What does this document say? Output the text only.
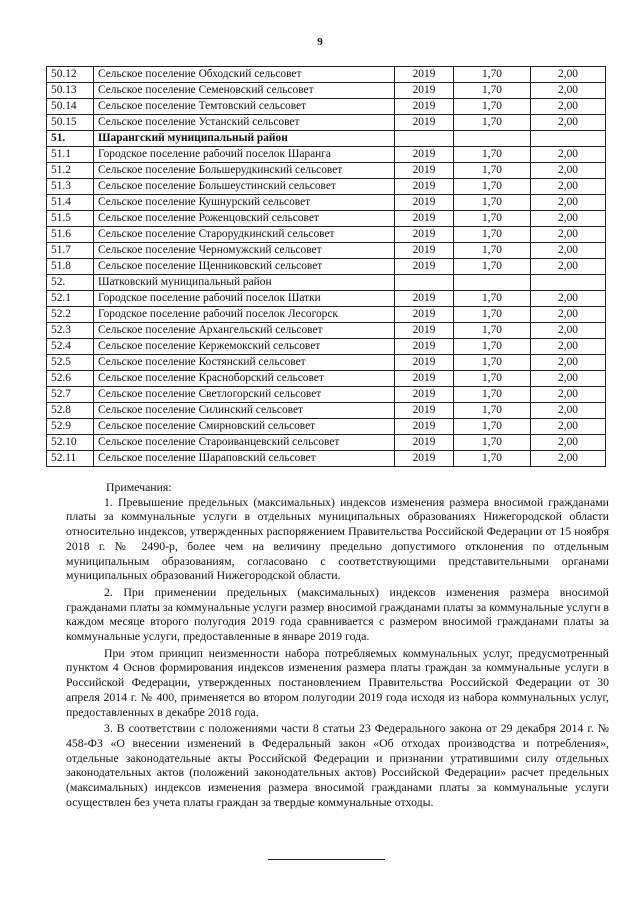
9
50.12	Сельское поселение Обходский сельсовет	2019	1,70	2,00
50.13	Сельское поселение Семеновский сельсовет	2019	1,70	2,00
50.14	Сельское поселение Темтовский сельсовет	2019	1,70	2,00
50.15	Сельское поселение Устанский сельсовет	2019	1,70	2,00
51.	Шарангский муниципальный район			
51.1	Городское поселение рабочий поселок Шаранга	2019	1,70	2,00
51.2	Сельское поселение Большерудкинский сельсовет	2019	1,70	2,00
51.3	Сельское поселение Большеустинский сельсовет	2019	1,70	2,00
51.4	Сельское поселение Кушнурский сельсовет	2019	1,70	2,00
51.5	Сельское поселение Роженцовский сельсовет	2019	1,70	2,00
51.6	Сельское поселение Старорудкинский сельсовет	2019	1,70	2,00
51.7	Сельское поселение Черномужский сельсовет	2019	1,70	2,00
51.8	Сельское поселение Щенниковский сельсовет	2019	1,70	2,00
52.	Шатковский муниципальный район			
52.1	Городское поселение рабочий поселок Шатки	2019	1,70	2,00
52.2	Городское поселение рабочий поселок Лесогорск	2019	1,70	2,00
52.3	Сельское поселение Архангельский сельсовет	2019	1,70	2,00
52.4	Сельское поселение Кержемокский сельсовет	2019	1,70	2,00
52.5	Сельское поселение Костянский сельсовет	2019	1,70	2,00
52.6	Сельское поселение Красноборский сельсовет	2019	1,70	2,00
52.7	Сельское поселение Светлогорский сельсовет	2019	1,70	2,00
52.8	Сельское поселение Силинский сельсовет	2019	1,70	2,00
52.9	Сельское поселение Смирновский сельсовет	2019	1,70	2,00
52.10	Сельское поселение Староиванцевский сельсовет	2019	1,70	2,00
52.11	Сельское поселение Шараповский сельсовет	2019	1,70	2,00
Примечания:

1. Превышение предельных (максимальных) индексов изменения размера вносимой гражданами платы за коммунальные услуги в отдельных муниципальных образованиях Нижегородской области относительно индексов, утвержденных распоряжением Правительства Российской Федерации от 15 ноября 2018 г. № 2490-р, более чем на величину предельно допустимого отклонения по отдельным муниципальным образованиям, согласовано с соответствующими представительными органами муниципальных образований Нижегородской области.

2. При применении предельных (максимальных) индексов изменения размера вносимой гражданами платы за коммунальные услуги размер вносимой гражданами платы за коммунальные услуги в каждом месяце второго полугодия 2019 года сравнивается с размером вносимой гражданами платы за коммунальные услуги, предоставленные в январе 2019 года.

При этом принцип неизменности набора потребляемых коммунальных услуг, предусмотренный пунктом 4 Основ формирования индексов изменения размера платы граждан за коммунальные услуги в Российской Федерации, утвержденных постановлением Правительства Российской Федерации от 30 апреля 2014 г. № 400, применяется во втором полугодии 2019 года исходя из набора коммунальных услуг, предоставленных в декабре 2018 года.

3. В соответствии с положениями части 8 статьи 23 Федерального закона от 29 декабря 2014 г. № 458-ФЗ «О внесении изменений в Федеральный закон «Об отходах производства и потребления», отдельные законодательные акты Российской Федерации и признании утратившими силу отдельных законодательных актов (положений законодательных актов) Российской Федерации» расчет предельных (максимальных) индексов изменения размера вносимой гражданами платы за коммунальные услуги осуществлен без учета платы граждан за твердые коммунальные отходы.
